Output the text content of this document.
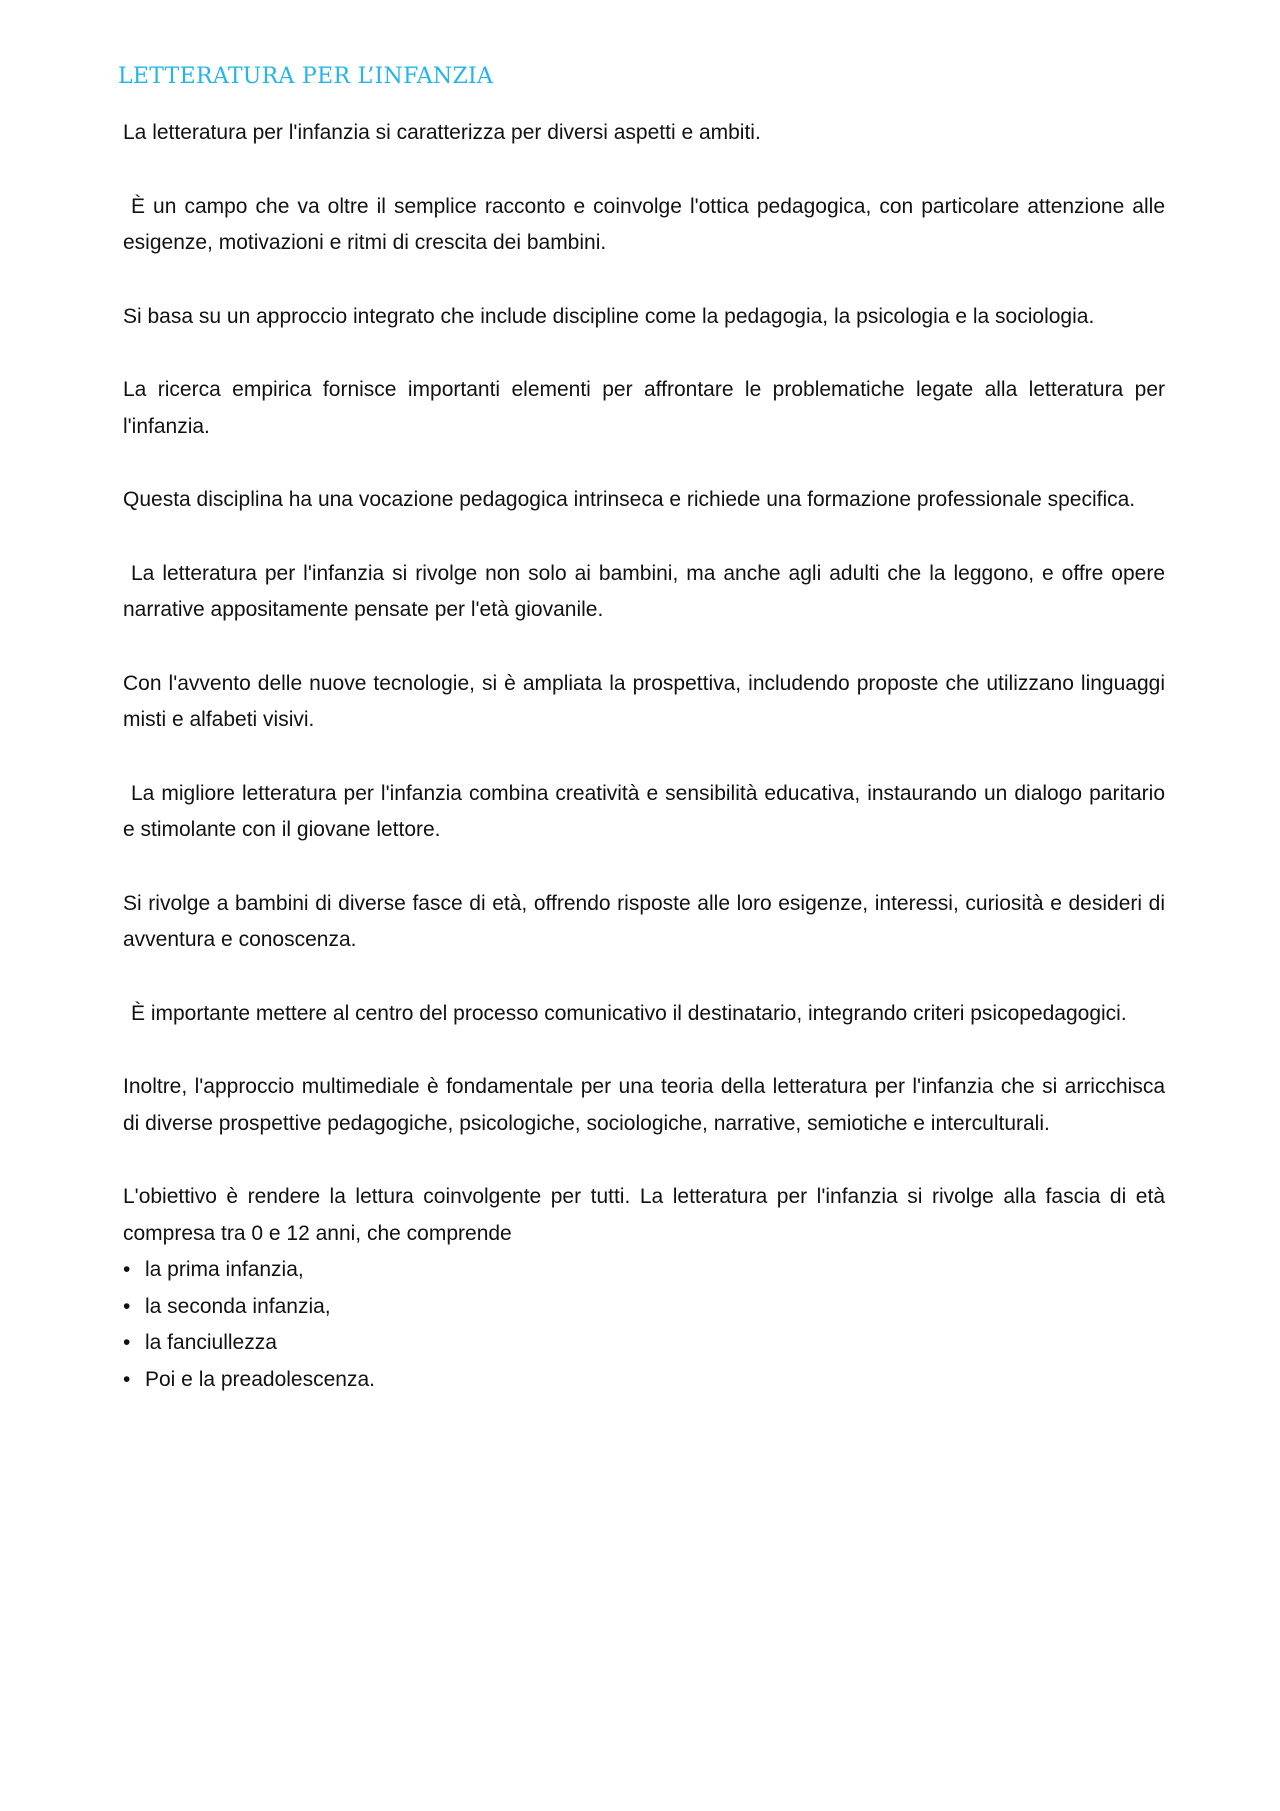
LETTERATURA PER L’INFANZIA

La letteratura per l'infanzia si caratterizza per diversi aspetti e ambiti.

È un campo che va oltre il semplice racconto e coinvolge l'ottica pedagogica, con particolare attenzione alle esigenze, motivazioni e ritmi di crescita dei bambini.

Si basa su un approccio integrato che include discipline come la pedagogia, la psicologia e la sociologia.

La ricerca empirica fornisce importanti elementi per affrontare le problematiche legate alla letteratura per l'infanzia.

Questa disciplina ha una vocazione pedagogica intrinseca e richiede una formazione professionale specifica.

La letteratura per l'infanzia si rivolge non solo ai bambini, ma anche agli adulti che la leggono, e offre opere narrative appositamente pensate per l'età giovanile.

Con l'avvento delle nuove tecnologie, si è ampliata la prospettiva, includendo proposte che utilizzano linguaggi misti e alfabeti visivi.

La migliore letteratura per l'infanzia combina creatività e sensibilità educativa, instaurando un dialogo paritario e stimolante con il giovane lettore.

Si rivolge a bambini di diverse fasce di età, offrendo risposte alle loro esigenze, interessi, curiosità e desideri di avventura e conoscenza.

È importante mettere al centro del processo comunicativo il destinatario, integrando criteri psicopedagogici.

Inoltre, l'approccio multimediale è fondamentale per una teoria della letteratura per l'infanzia che si arricchisca di diverse prospettive pedagogiche, psicologiche, sociologiche, narrative, semiotiche e interculturali.

L'obiettivo è rendere la lettura coinvolgente per tutti. La letteratura per l'infanzia si rivolge alla fascia di età compresa tra 0 e 12 anni, che comprende

• la prima infanzia,
• la seconda infanzia,
• la fanciullezza
• Poi e la preadolescenza.
